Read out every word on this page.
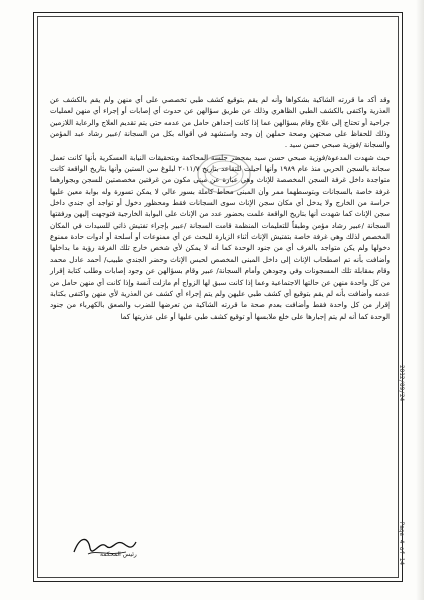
وقد أكد ما قررته الشاكية بشكواها وأنه لم يقم بتوقيع كشف طبي تخصصي على أي منهن ولم يقم بالكشف عن العذرية واكتفى بالكشف الطبي الظاهري وذلك عن طريق سؤالهن عن حدوث أي إصابات أو إجراء أي منهن لعمليات جراحية أو تحتاج إلى علاج وقام بسؤالهن عما إذا كانت إحداهن حامل من عدمه حتى يتم تقديم العلاج والرعاية اللازمين وذلك للحفاظ على صحتهن وصحة حملهن إن وجد واستشهد في أقواله بكل من السجانة /عبير رشاد عبد المؤمن والسجانة /فوزية صبحي حسن سيد .

حيث شهدت المدعوة/فوزية صبحي حسن سيد بمحضر جلسة المحاكمة وبتحقيقات النيابة العسكرية بأنها كانت تعمل سجانة بالسجن الحربي منذ عام ١٩٨٩ وأنها أحيلت للتقاعد بتاريخ ٢٠١١/٧ لبلوغ سن الستين وأنها بتاريخ الواقعة كانت متواجدة داخل غرفة السجن المخصصة للإناث وهي عبارة عن مبنى مكون من غرفتين مخصصتين للسجن وبجوارهما غرفة خاصة بالسجانات وبتوسطهما ممر وأن المبنى محاط كاملة بسور عالي لا يمكن تسورة وله بوابة معين عليها حراسة من الخارج ولا يدخل أي مكان سجن الإناث سوى السجانات فقط ومحظور دخول أو تواجد أي جندي داخل سجن الإناث كما شهدت أنها بتاريخ الواقعة علمت بحضور عدد من الإناث على البوابة الخارجية فتوجهت إليهن ورفقتها السجانة /عبير رشاد مؤمن وطبقاً للتعليمات المنظمة قامت السجانة /عبير بإجراء تفتيش ذاتي للسيدات في المكان المخصص لذلك وهي غرفة خاصة بتفتيش الإناث أثناء الزيارة للبحث عن أي ممنوعات أو أسلحة أو أدوات حادة ممنوع دخولها ولم يكن متواجد بالغرف أي من جنود الوحدة كما أنه لا يمكن لأي شخص خارج تلك الغرفة رؤية ما بداخلها وأضافت بأنه تم اصطحاب الإناث إلى داخل المبنى المخصص لحبس الإناث وحضر الجندي طبيب/ أحمد عادل محمد وقام بمقابلة تلك المسجونات وفي وجودهن وأمام السجانة/ عبير وقام بسؤالهن عن وجود إصابات وطلب كتابة إقرار من كل واحدة منهن عن حالتها الاجتماعية وعما إذا كانت سبق لها الزواج أم مازلت آنسة وإذا كانت أي منهن حامل من عدمه وأضافت بأنه لم يقم بتوقيع أي كشف طبي عليهن ولم يتم إجراء أي كشف عن العذرية لأي منهن واكتفى بكتابة إقرار من كل واحدة فقط وأضافت بعدم صحة ما قررته الشاكية من تعرضها للضرب والصعق بالكهرباء من جنود الوحدة كما أنه لم يتم إجبارها على خلع ملابسها أو توقيع كشف طبي عليها أو على عذريتها كما

رئيس المحكمة
2012/09/24
Page 4 of 14
